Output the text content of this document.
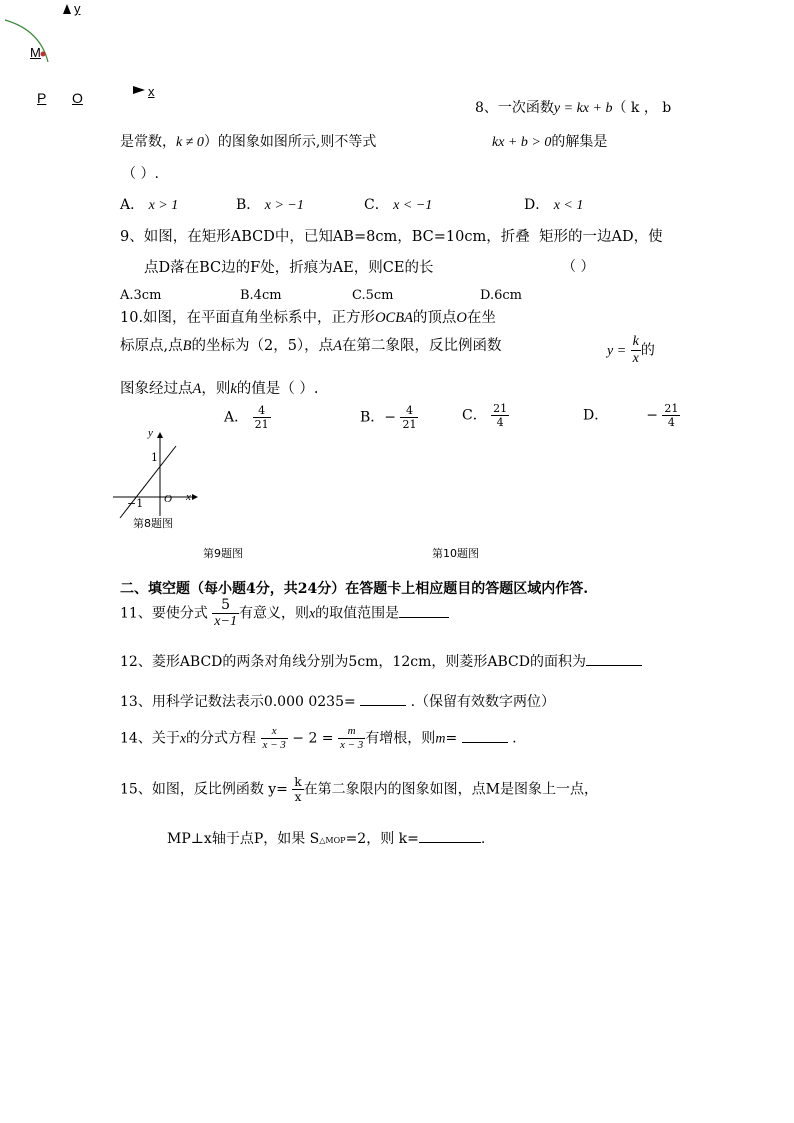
y
M
P O	x
8、一次函数y = kx + b（ k ， b
是常数，k ≠ 0）的图象如图所示,则不等式	kx + b > 0的解集是
（ ）.
A． x > 1	B． x > −1	C． x < −1	D． x < 1
9、如图，在矩形ABCD中，已知AB=8cm，BC=10cm，折叠 矩形的一边AD，使
点D落在BC边的F处，折痕为AE，则CE的长	（ ）
A.3cm	B.4cm	C.5cm	D.6cm
10.如图，在平面直角坐标系中，正方形OCBA的顶点O在坐
标原点,点B的坐标为（2，5），点A在第二象限，反比例函数	$y = \frac{k}{x}$ 的
图象经过点A，则k的值是（ ）.
A． $\frac{4}{21}$	B．− $\frac{4}{21}$	C． $\frac{21}{4}$	D．	− $\frac{21}{4}$
y
1
−1 O x
第8题图
第9题图	第10题图
二、填空题（每小题4分，共24分）在答题卡上相应题目的答题区域内作答.
11、要使分式 $\frac{5}{x-1}$ 有意义，则x的取值范围是
12、菱形ABCD的两条对角线分别为5cm，12cm，则菱形ABCD的面积为
13、用科学记数法表示0.000 0235=	.（保留有效数字两位）
14、关于x的分式方程 $\frac{x}{x - 3} - 2 = \frac{m}{x - 3}$ 有增根，则m=	.
15、如图，反比例函数 $y= \frac{k}{x}$ 在第二象限内的图象如图，点M是图象上一点，
MP⊥x轴于点P，如果 S△MOP=2，则 k=	.
